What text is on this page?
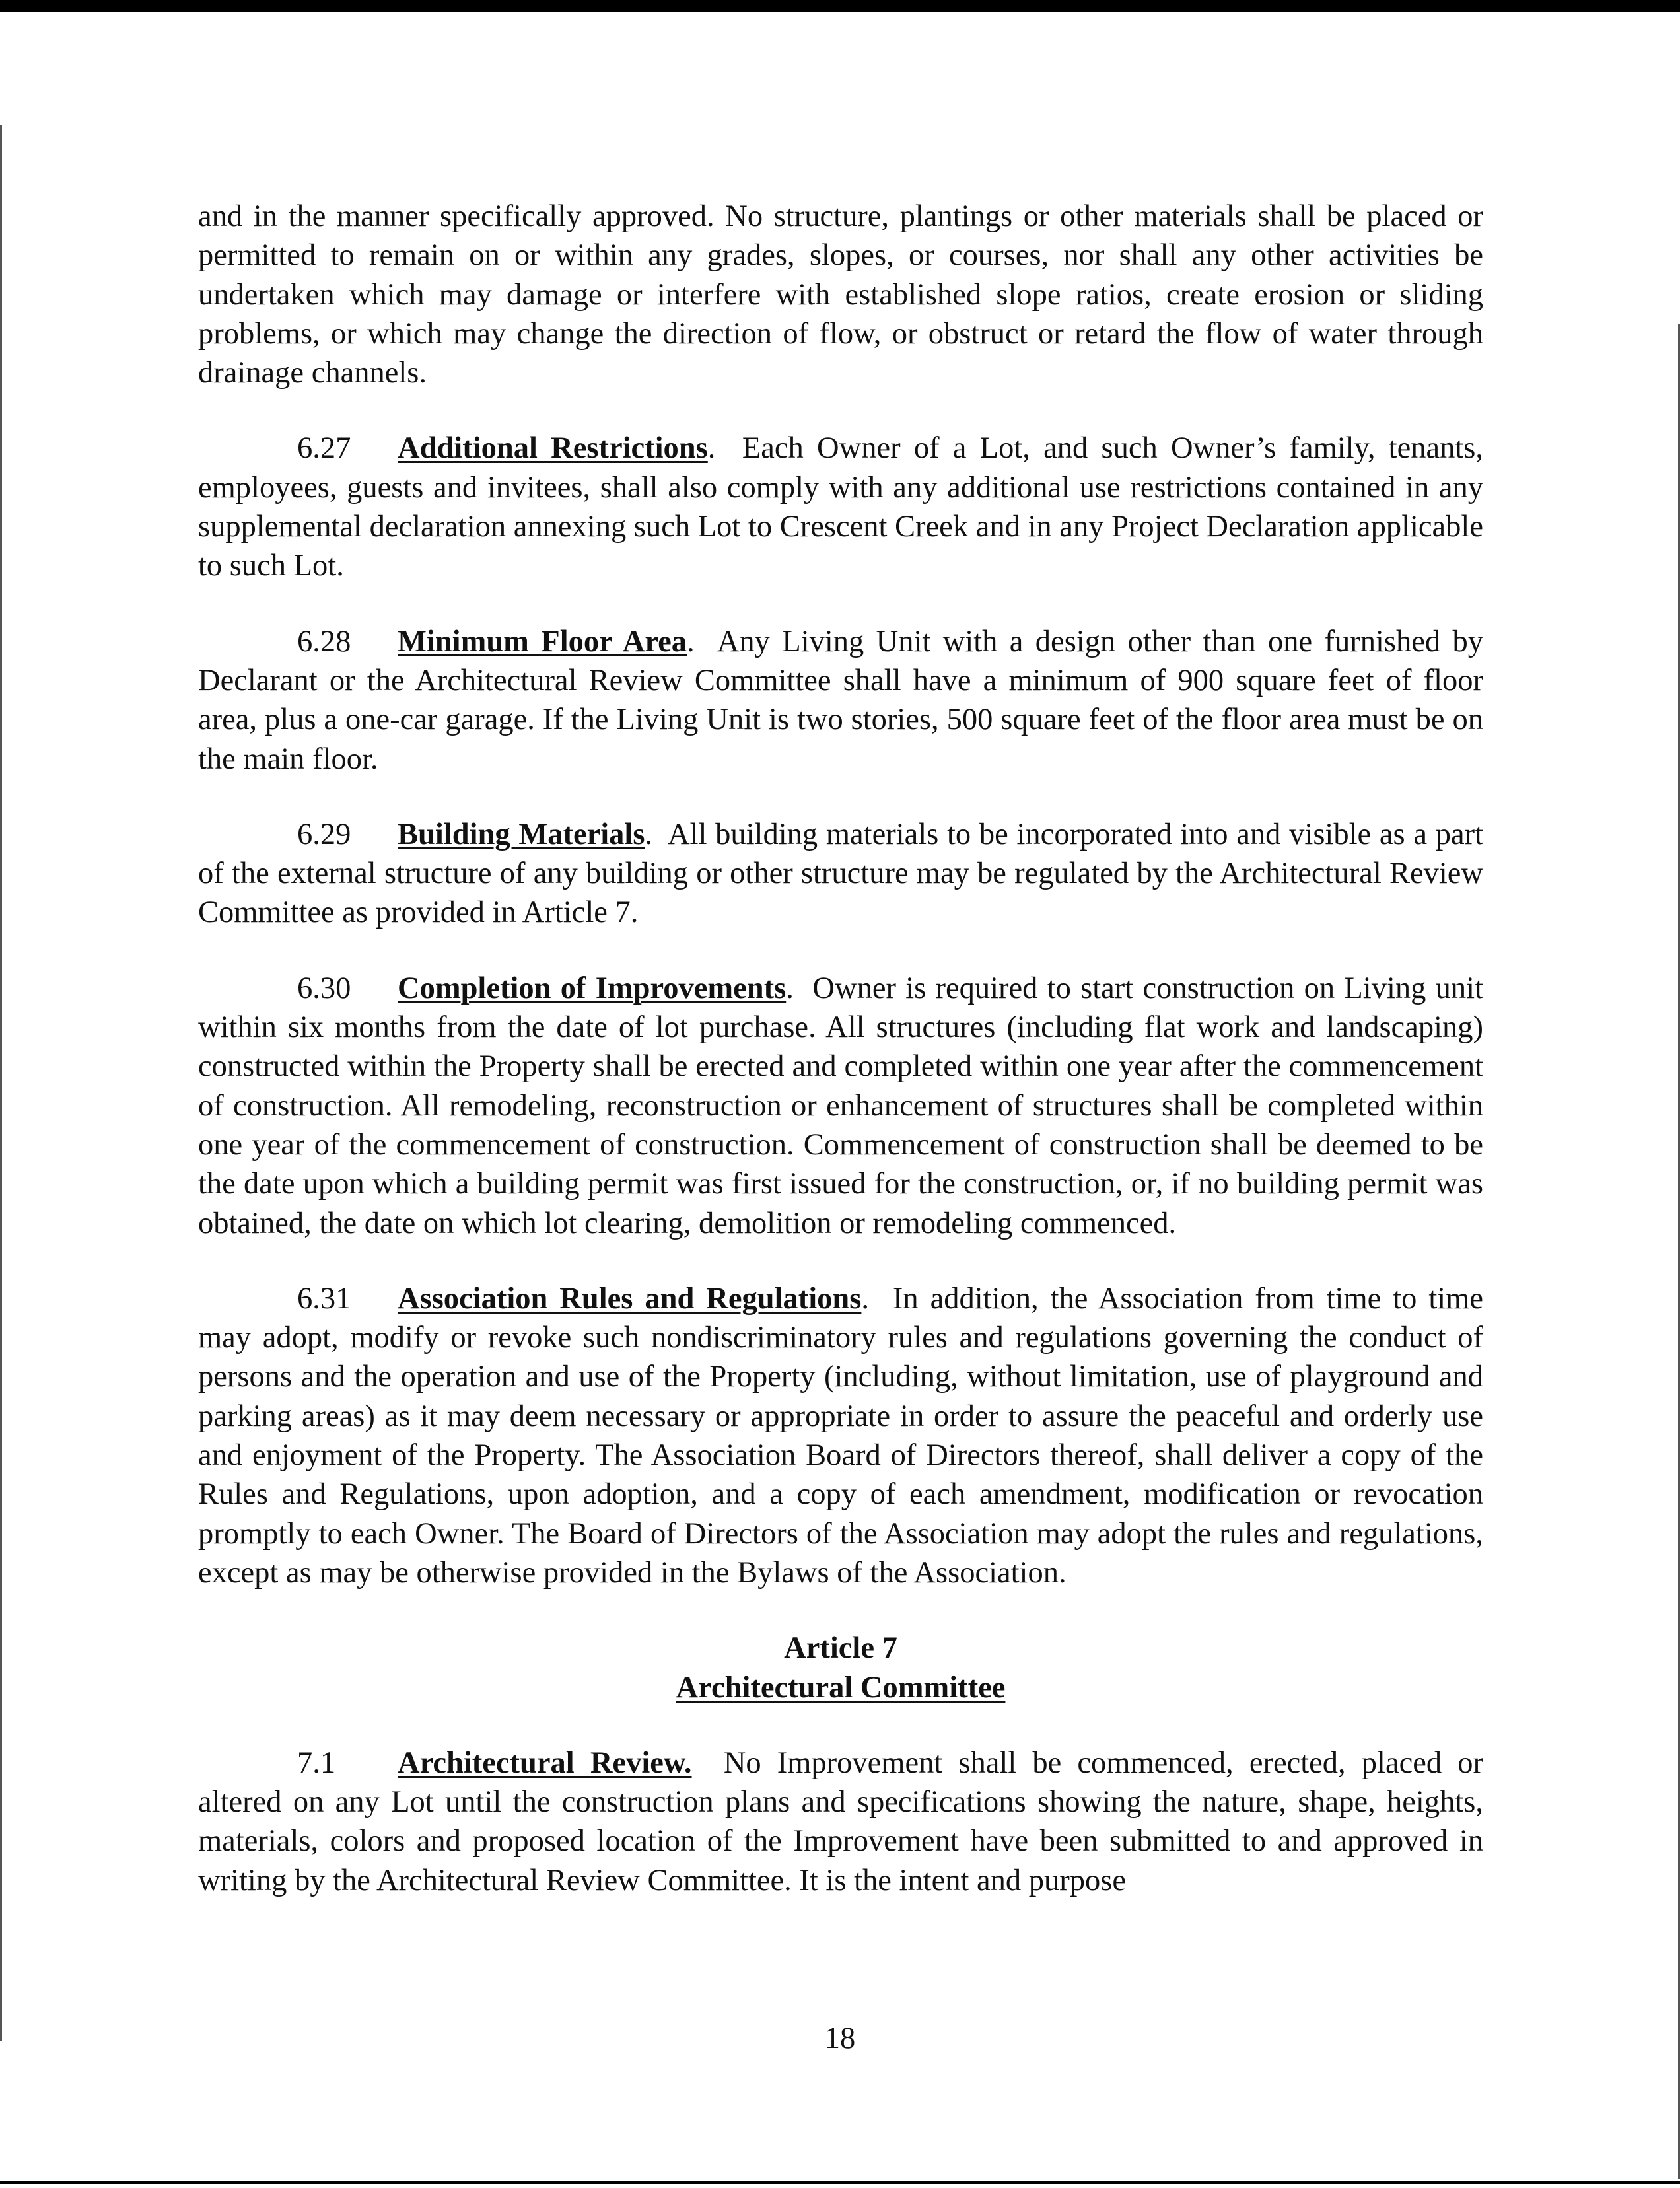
and in the manner specifically approved. No structure, plantings or other materials shall be placed or permitted to remain on or within any grades, slopes, or courses, nor shall any other activities be undertaken which may damage or interfere with established slope ratios, create erosion or sliding problems, or which may change the direction of flow, or obstruct or retard the flow of water through drainage channels.

6.27 Additional Restrictions. Each Owner of a Lot, and such Owner’s family, tenants, employees, guests and invitees, shall also comply with any additional use restrictions contained in any supplemental declaration annexing such Lot to Crescent Creek and in any Project Declaration applicable to such Lot.

6.28 Minimum Floor Area. Any Living Unit with a design other than one furnished by Declarant or the Architectural Review Committee shall have a minimum of 900 square feet of floor area, plus a one-car garage. If the Living Unit is two stories, 500 square feet of the floor area must be on the main floor.

6.29 Building Materials. All building materials to be incorporated into and visible as a part of the external structure of any building or other structure may be regulated by the Architectural Review Committee as provided in Article 7.

6.30 Completion of Improvements. Owner is required to start construction on Living unit within six months from the date of lot purchase. All structures (including flat work and landscaping) constructed within the Property shall be erected and completed within one year after the commencement of construction. All remodeling, reconstruction or enhancement of structures shall be completed within one year of the commencement of construction. Commencement of construction shall be deemed to be the date upon which a building permit was first issued for the construction, or, if no building permit was obtained, the date on which lot clearing, demolition or remodeling commenced.

6.31 Association Rules and Regulations. In addition, the Association from time to time may adopt, modify or revoke such nondiscriminatory rules and regulations governing the conduct of persons and the operation and use of the Property (including, without limitation, use of playground and parking areas) as it may deem necessary or appropriate in order to assure the peaceful and orderly use and enjoyment of the Property. The Association Board of Directors thereof, shall deliver a copy of the Rules and Regulations, upon adoption, and a copy of each amendment, modification or revocation promptly to each Owner. The Board of Directors of the Association may adopt the rules and regulations, except as may be otherwise provided in the Bylaws of the Association.

Article 7
Architectural Committee

7.1 Architectural Review. No Improvement shall be commenced, erected, placed or altered on any Lot until the construction plans and specifications showing the nature, shape, heights, materials, colors and proposed location of the Improvement have been submitted to and approved in writing by the Architectural Review Committee. It is the intent and purpose

18
